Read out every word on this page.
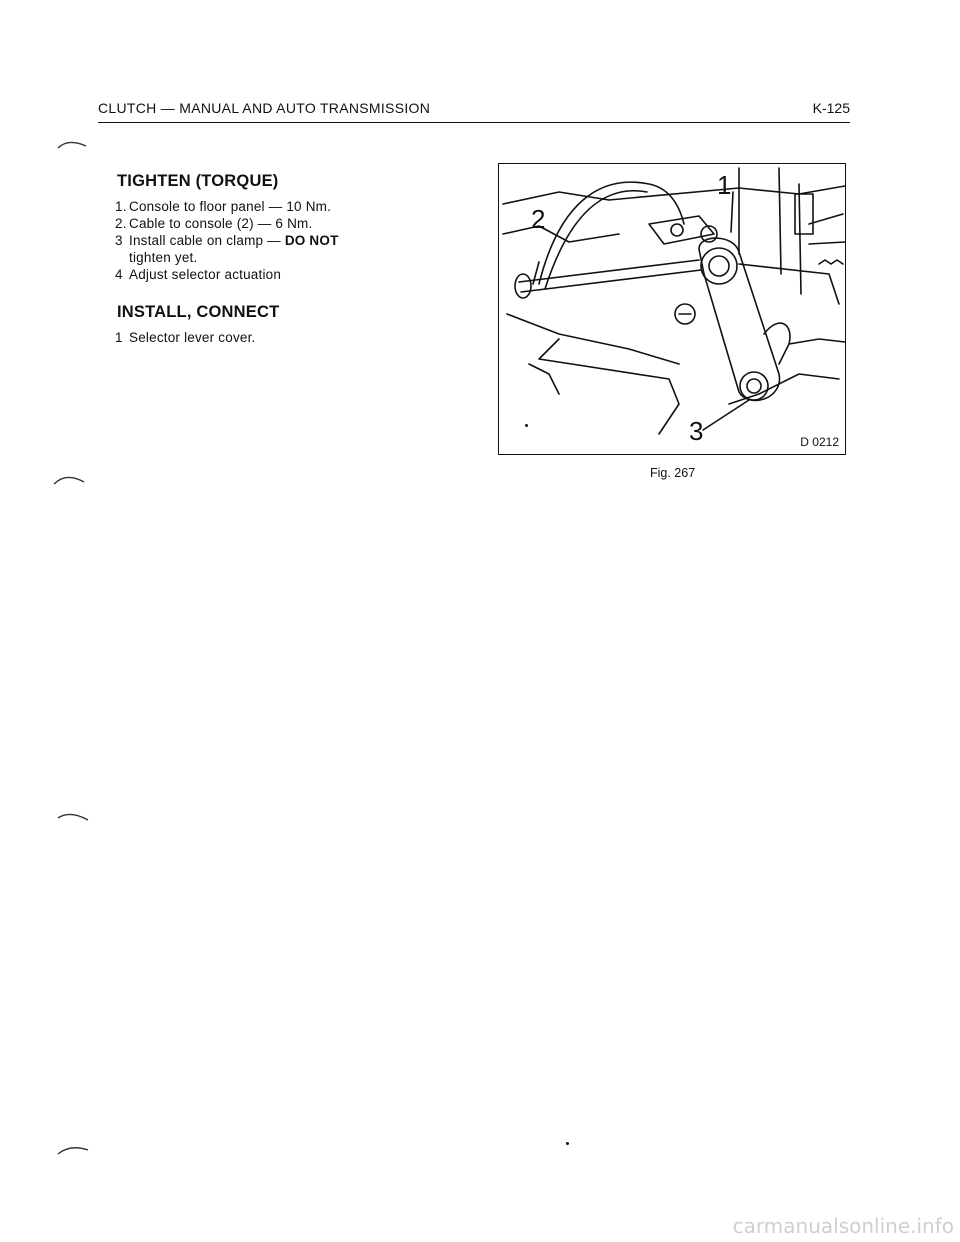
CLUTCH — MANUAL AND AUTO TRANSMISSION	K-125
TIGHTEN (TORQUE)
1. Console to floor panel — 10 Nm.
2. Cable to console (2) — 6 Nm.
3 Install cable on clamp — DO NOT
tighten yet.
4 Adjust selector actuation
INSTALL, CONNECT
1 Selector lever cover.
1
2
3	D 0212
Fig. 267
carmanualsonline.info
